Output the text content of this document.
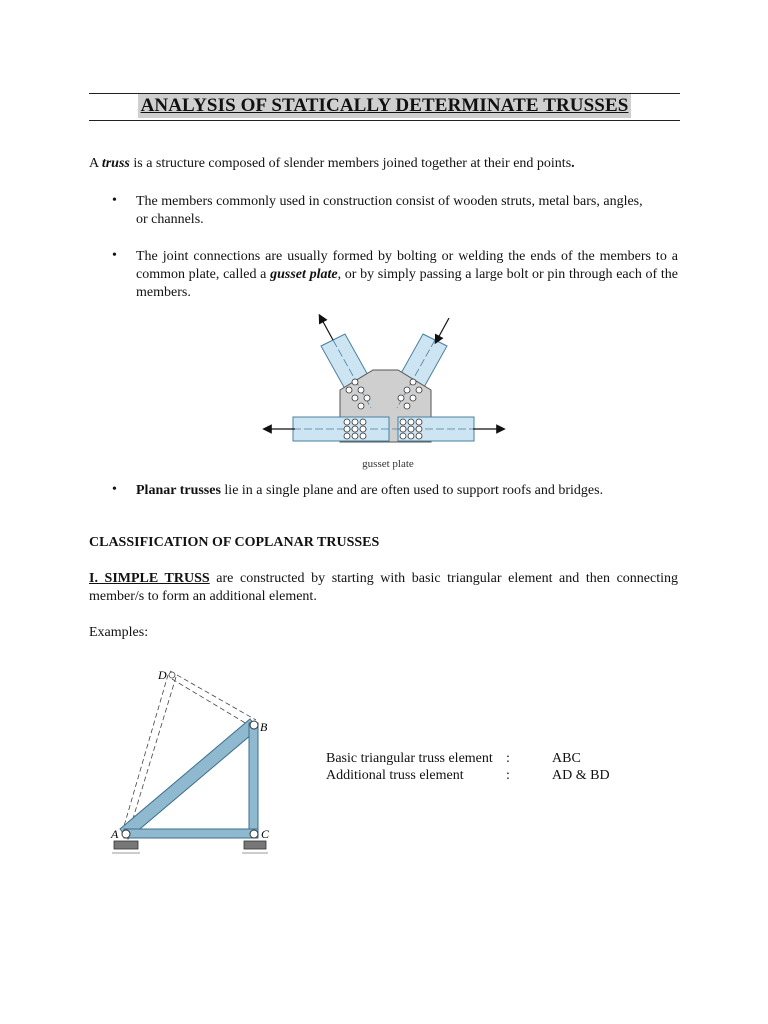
ANALYSIS OF STATICALLY DETERMINATE TRUSSES
A truss is a structure composed of slender members joined together at their end points.
• The members commonly used in construction consist of wooden struts, metal bars, angles, or channels.
• The joint connections are usually formed by bolting or welding the ends of the members to a common plate, called a gusset plate, or by simply passing a large bolt or pin through each of the members.
gusset plate
• Planar trusses lie in a single plane and are often used to support roofs and bridges.
CLASSIFICATION OF COPLANAR TRUSSES
I. SIMPLE TRUSS are constructed by starting with basic triangular element and then connecting member/s to form an additional element.
Examples:
A
B
C
D
Basic triangular truss element :	ABC
Additional truss element	:	AD & BD
